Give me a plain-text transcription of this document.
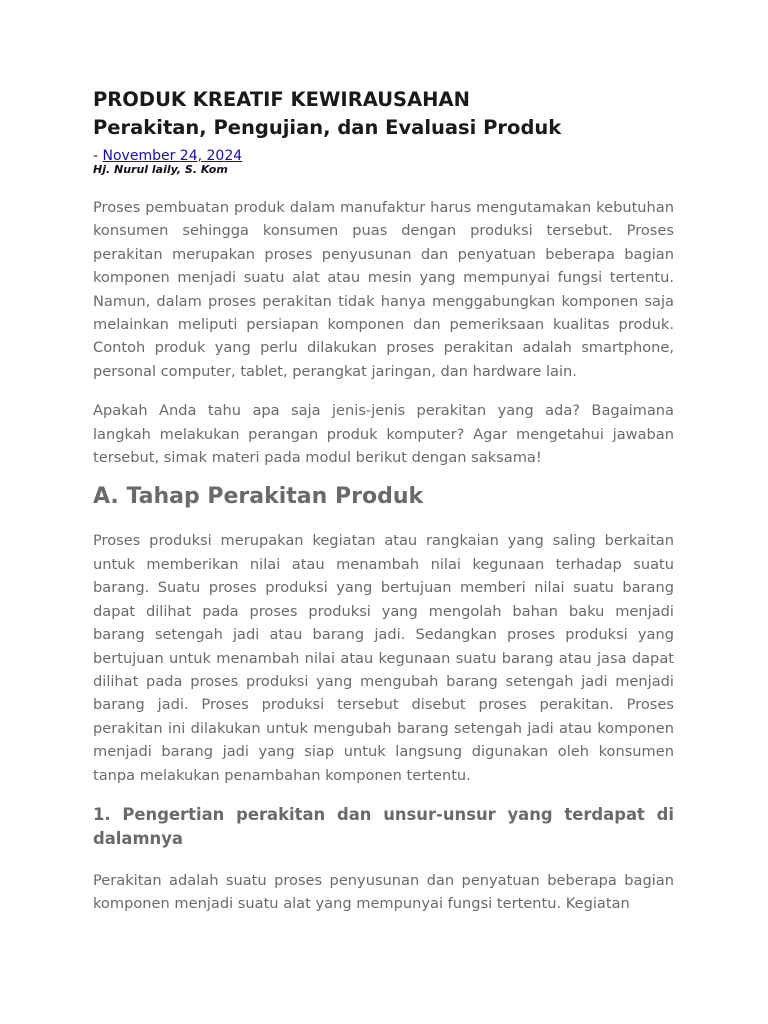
PRODUK KREATIF KEWIRAUSAHAN
Perakitan, Pengujian, dan Evaluasi Produk
- November 24, 2024
Hj. Nurul laily, S. Kom

Proses pembuatan produk dalam manufaktur harus mengutamakan kebutuhan konsumen sehingga konsumen puas dengan produksi tersebut. Proses perakitan merupakan proses penyusunan dan penyatuan beberapa bagian komponen menjadi suatu alat atau mesin yang mempunyai fungsi tertentu. Namun, dalam proses perakitan tidak hanya menggabungkan komponen saja melainkan meliputi persiapan komponen dan pemeriksaan kualitas produk. Contoh produk yang perlu dilakukan proses perakitan adalah smartphone, personal computer, tablet, perangkat jaringan, dan hardware lain.

Apakah Anda tahu apa saja jenis-jenis perakitan yang ada? Bagaimana langkah melakukan perangan produk komputer? Agar mengetahui jawaban tersebut, simak materi pada modul berikut dengan saksama!

A. Tahap Perakitan Produk

Proses produksi merupakan kegiatan atau rangkaian yang saling berkaitan untuk memberikan nilai atau menambah nilai kegunaan terhadap suatu barang. Suatu proses produksi yang bertujuan memberi nilai suatu barang dapat dilihat pada proses produksi yang mengolah bahan baku menjadi barang setengah jadi atau barang jadi. Sedangkan proses produksi yang bertujuan untuk menambah nilai atau kegunaan suatu barang atau jasa dapat dilihat pada proses produksi yang mengubah barang setengah jadi menjadi barang jadi. Proses produksi tersebut disebut proses perakitan. Proses perakitan ini dilakukan untuk mengubah barang setengah jadi atau komponen menjadi barang jadi yang siap untuk langsung digunakan oleh konsumen tanpa melakukan penambahan komponen tertentu.

1. Pengertian perakitan dan unsur-unsur yang terdapat di dalamnya

Perakitan adalah suatu proses penyusunan dan penyatuan beberapa bagian komponen menjadi suatu alat yang mempunyai fungsi tertentu. Kegiatan
